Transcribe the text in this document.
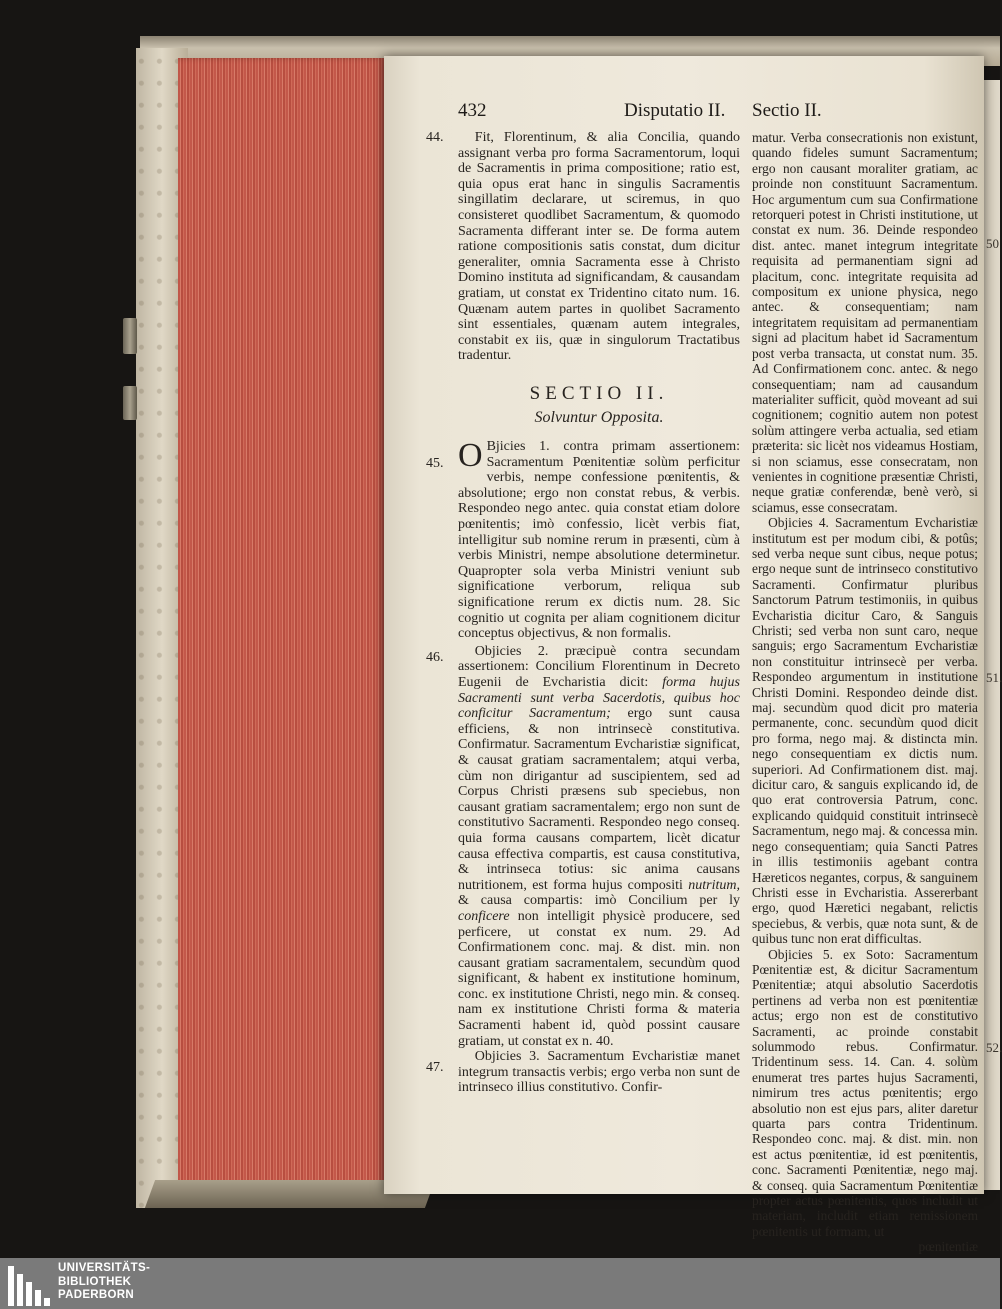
432	Disputatio II. Sectio II.
44.
45.
46.
47.
50
51.
52.

Fit, Florentinum, & alia Concilia, quando assignant verba pro forma Sacramentorum, loqui de Sacramentis in prima compositione; ratio est, quia opus erat hanc in singulis Sacramentis singillatim declarare, ut sciremus, in quo consisteret quodlibet Sacramentum, & quomodo Sacramenta differant inter se. De forma autem ratione compositionis satis constat, dum dicitur generaliter, omnia Sacramenta esse à Christo Domino instituta ad significandam, & causandam gratiam, ut constat ex Tridentino citato num. 16. Quænam autem partes in quolibet Sacramento sint essentiales, quænam autem integrales, constabit ex iis, quæ in singulorum Tractatibus tradentur.

SECTIO II.

Solvuntur Opposita.

O Bjicies 1. contra primam assertionem: Sacramentum Pœnitentiæ solùm perficitur verbis, nempe confessione pœnitentis, & absolutione; ergo non constat rebus, & verbis. Respondeo nego antec. quia constat etiam dolore pœnitentis; imò confessio, licèt verbis fiat, intelligitur sub nomine rerum in præsenti, cùm à verbis Ministri, nempe absolutione determinetur. Quapropter sola verba Ministri veniunt sub significatione verborum, reliqua sub significatione rerum ex dictis num. 28. Sic cognitio ut cognita per aliam cognitionem dicitur conceptus objectivus, & non formalis.

Objicies 2. præcipuè contra secundam assertionem: Concilium Florentinum in Decreto Eugenii de Evcharistia dicit: forma hujus Sacramenti sunt verba Sacerdotis, quibus hoc conficitur Sacramentum; ergo sunt causa efficiens, & non intrinsecè constitutiva. Confirmatur. Sacramentum Evcharistiæ significat, & causat gratiam sacramentalem; atqui verba, cùm non dirigantur ad suscipientem, sed ad Corpus Christi præsens sub speciebus, non causant gratiam sacramentalem; ergo non sunt de constitutivo Sacramenti. Respondeo nego conseq. quia forma causans compartem, licèt dicatur causa effectiva compartis, est causa constitutiva, & intrinseca totius: sic anima causans nutritionem, est forma hujus compositi nutritum, & causa compartis: imò Concilium per ly conficere non intelligit physicè producere, sed perficere, ut constat ex num. 29. Ad Confirmationem conc. maj. & dist. min. non causant gratiam sacramentalem, secundùm quod significant, & habent ex institutione hominum, conc. ex institutione Christi, nego min. & conseq. nam ex institutione Christi forma & materia Sacramenti habent id, quòd possint causare gratiam, ut constat ex n. 40.

Objicies 3. Sacramentum Evcharistiæ manet integrum transactis verbis; ergo verba non sunt de intrinseco illius constitutivo. Confir-

matur. Verba consecrationis non existunt, quando fideles sumunt Sacramentum; ergo non causant moraliter gratiam, ac proinde non constituunt Sacramentum. Hoc argumentum cum sua Confirmatione retorqueri potest in Christi institutione, ut constat ex num. 36. Deinde respondeo dist. antec. manet integrum integritate requisita ad permanentiam signi ad placitum, conc. integritate requisita ad compositum ex unione physica, nego antec. & consequentiam; nam integritatem requisitam ad permanentiam signi ad placitum habet id Sacramentum post verba transacta, ut constat num. 35. Ad Confirmationem conc. antec. & nego consequentiam; nam ad causandum materialiter sufficit, quòd moveant ad sui cognitionem; cognitio autem non potest solùm attingere verba actualia, sed etiam præterita: sic licèt nos videamus Hostiam, si non sciamus, esse consecratam, non venientes in cognitione præsentiæ Christi, neque gratiæ conferendæ, benè verò, si sciamus, esse consecratam.

Objicies 4. Sacramentum Evcharistiæ institutum est per modum cibi, & potûs; sed verba neque sunt cibus, neque potus; ergo neque sunt de intrinseco constitutivo Sacramenti. Confirmatur pluribus Sanctorum Patrum testimoniis, in quibus Evcharistia dicitur Caro, & Sanguis Christi; sed verba non sunt caro, neque sanguis; ergo Sacramentum Evcharistiæ non constituitur intrinsecè per verba. Respondeo argumentum in institutione Christi Domini. Respondeo deinde dist. maj. secundùm quod dicit pro materia permanente, conc. secundùm quod dicit pro forma, nego maj. & distincta min. nego consequentiam ex dictis num. superiori. Ad Confirmationem dist. maj. dicitur caro, & sanguis explicando id, de quo erat controversia Patrum, conc. explicando quidquid constituit intrinsecè Sacramentum, nego maj. & concessa min. nego consequentiam; quia Sancti Patres in illis testimoniis agebant contra Hæreticos negantes, corpus, & sanguinem Christi esse in Evcharistia. Assererbant ergo, quod Hæretici negabant, relictis speciebus, & verbis, quæ nota sunt, & de quibus tunc non erat difficultas.

Objicies 5. ex Soto: Sacramentum Pœnitentiæ est, & dicitur Sacramentum Pœnitentiæ; atqui absolutio Sacerdotis pertinens ad verba non est pœnitentiæ actus; ergo non est de constitutivo Sacramenti, ac proinde constabit solummodo rebus. Confirmatur. Tridentinum sess. 14. Can. 4. solùm enumerat tres partes hujus Sacramenti, nimirum tres actus pœnitentis; ergo absolutio non est ejus pars, aliter daretur quarta pars contra Tridentinum. Respondeo conc. maj. & dist. min. non est actus pœnitentiæ, id est pœnitentis, conc. Sacramenti Pœnitentiæ, nego maj. & conseq. quia Sacramentum Pœnitentiæ propter actus pœnitentis, quos includit ut materiam, includit etiam remissionem pœnitentis ut formam, ut

pœnitentiæ

UNIVERSITÄTS-
BIBLIOTHEK
PADERBORN
